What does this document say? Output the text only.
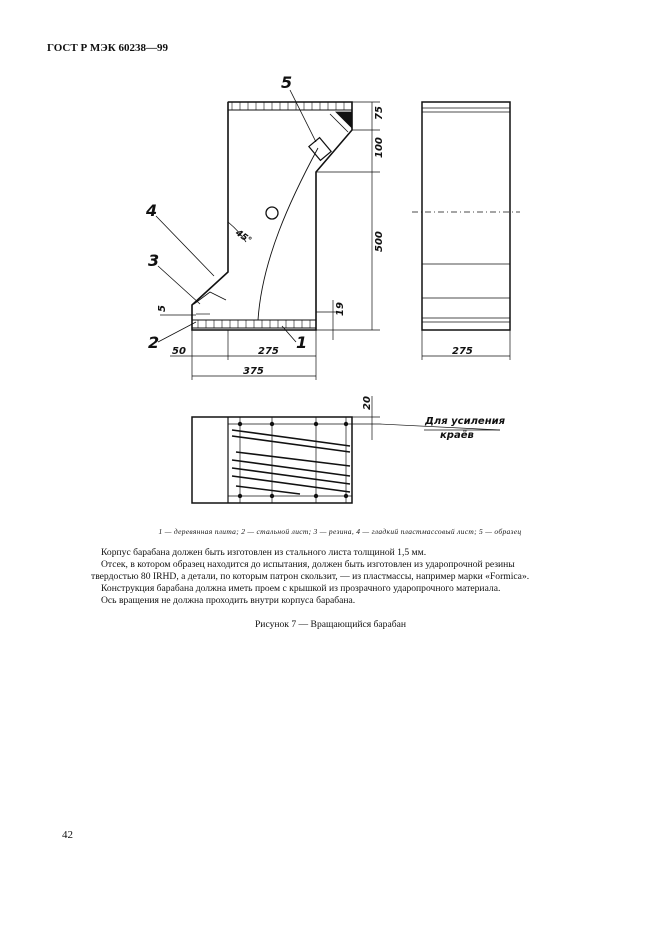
ГОСТ Р МЭК 60238—99
5
4
3
2	1
75
100
500
19
5
50	275
375
275
20
45°
Для усиления
краёв
1 — деревянная плита; 2 — стальной лист; 3 — резина, 4 — гладкий пластмассовый лист; 5 — образец

Корпус барабана должен быть изготовлен из стального листа толщиной 1,5 мм.

Отсек, в котором образец находится до испытания, должен быть изготовлен из ударопрочной резины

твердостью 80 IRHD, а детали, по которым патрон скользит, — из пластмассы, например марки «Formica».

Конструкция барабана должна иметь проем с крышкой из прозрачного ударопрочного материала.

Ось вращения не должна проходить внутри корпуса барабана.

Рисунок 7 — Вращающийся барабан
42
